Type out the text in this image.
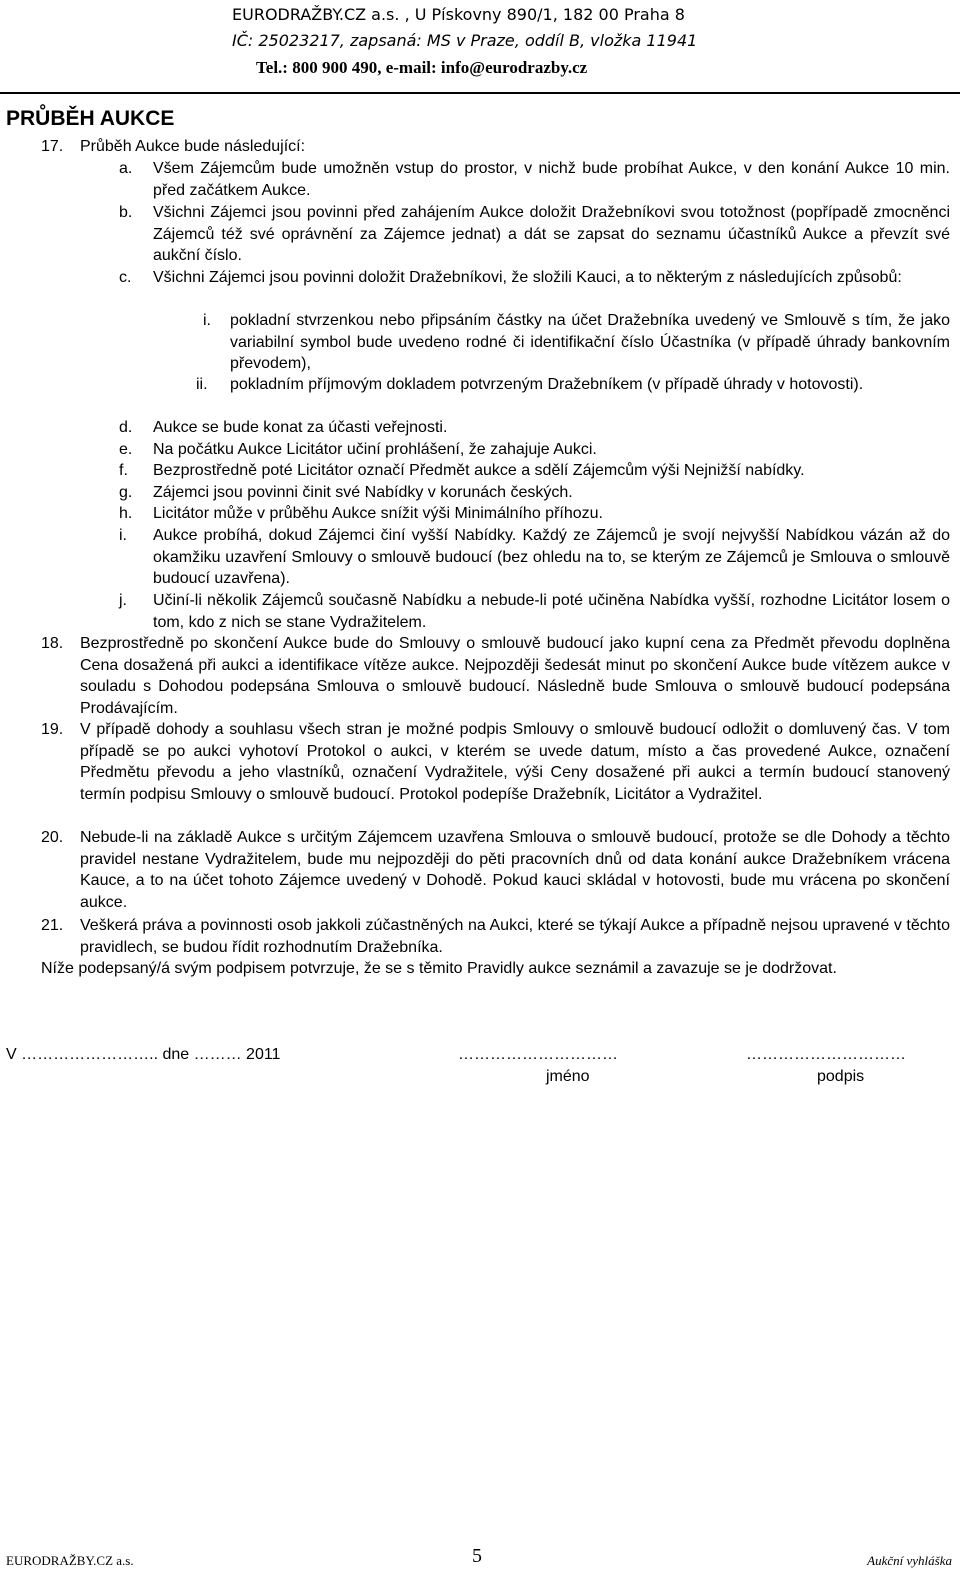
EURODRAŽBY.CZ a.s. , U Pískovny 890/1, 182 00 Praha 8
IČ: 25023217, zapsaná: MS v Praze, oddíl B, vložka 11941
Tel.: 800 900 490, e-mail: info@eurodrazby.cz
PRŮBĚH AUKCE
17. Průběh Aukce bude následující:
a. Všem Zájemcům bude umožněn vstup do prostor, v nichž bude probíhat Aukce, v den konání Aukce 10 min. před začátkem Aukce.
b. Všichni Zájemci jsou povinni před zahájením Aukce doložit Dražebníkovi svou totožnost (popřípadě zmocněnci Zájemců též své oprávnění za Zájemce jednat) a dát se zapsat do seznamu účastníků Aukce a převzít své aukční číslo.
c. Všichni Zájemci jsou povinni doložit Dražebníkovi, že složili Kauci, a to některým z následujících způsobů:
i. pokladní stvrzenkou nebo připsáním částky na účet Dražebníka uvedený ve Smlouvě s tím, že jako variabilní symbol bude uvedeno rodné či identifikační číslo Účastníka (v případě úhrady bankovním převodem),
ii. pokladním příjmovým dokladem potvrzeným Dražebníkem (v případě úhrady v hotovosti).
d. Aukce se bude konat za účasti veřejnosti.
e. Na počátku Aukce Licitátor učiní prohlášení, že zahajuje Aukci.
f. Bezprostředně poté Licitátor označí Předmět aukce a sdělí Zájemcům výši Nejnižší nabídky.
g. Zájemci jsou povinni činit své Nabídky v korunách českých.
h. Licitátor může v průběhu Aukce snížit výši Minimálního příhozu.
i. Aukce probíhá, dokud Zájemci činí vyšší Nabídky. Každý ze Zájemců je svojí nejvyšší Nabídkou vázán až do okamžiku uzavření Smlouvy o smlouvě budoucí (bez ohledu na to, se kterým ze Zájemců je Smlouva o smlouvě budoucí uzavřena).
j. Učiní-li několik Zájemců současně Nabídku a nebude-li poté učiněna Nabídka vyšší, rozhodne Licitátor losem o tom, kdo z nich se stane Vydražitelem.
18. Bezprostředně po skončení Aukce bude do Smlouvy o smlouvě budoucí jako kupní cena za Předmět převodu doplněna Cena dosažená při aukci a identifikace vítěze aukce. Nejpozději šedesát minut po skončení Aukce bude vítězem aukce v souladu s Dohodou podepsána Smlouva o smlouvě budoucí. Následně bude Smlouva o smlouvě budoucí podepsána Prodávajícím.
19. V případě dohody a souhlasu všech stran je možné podpis Smlouvy o smlouvě budoucí odložit o domluvený čas. V tom případě se po aukci vyhotoví Protokol o aukci, v kterém se uvede datum, místo a čas provedené Aukce, označení Předmětu převodu a jeho vlastníků, označení Vydražitele, výši Ceny dosažené při aukci a termín budoucí stanovený termín podpisu Smlouvy o smlouvě budoucí. Protokol podepíše Dražebník, Licitátor a Vydražitel.
20. Nebude-li na základě Aukce s určitým Zájemcem uzavřena Smlouva o smlouvě budoucí, protože se dle Dohody a těchto pravidel nestane Vydražitelem, bude mu nejpozději do pěti pracovních dnů od data konání aukce Dražebníkem vrácena Kauce, a to na účet tohoto Zájemce uvedený v Dohodě. Pokud kauci skládal v hotovosti, bude mu vrácena po skončení aukce.
21. Veškerá práva a povinnosti osob jakkoli zúčastněných na Aukci, které se týkají Aukce a případně nejsou upravené v těchto pravidlech, se budou řídit rozhodnutím Dražebníka.
Níže podepsaný/á svým podpisem potvrzuje, že se s těmito Pravidly aukce seznámil a zavazuje se je dodržovat.
V …………………….. dne ……… 2011	…………………………	…………………………
jméno	podpis
EURODRAŽBY.CZ a.s.	5	Aukční vyhláška
